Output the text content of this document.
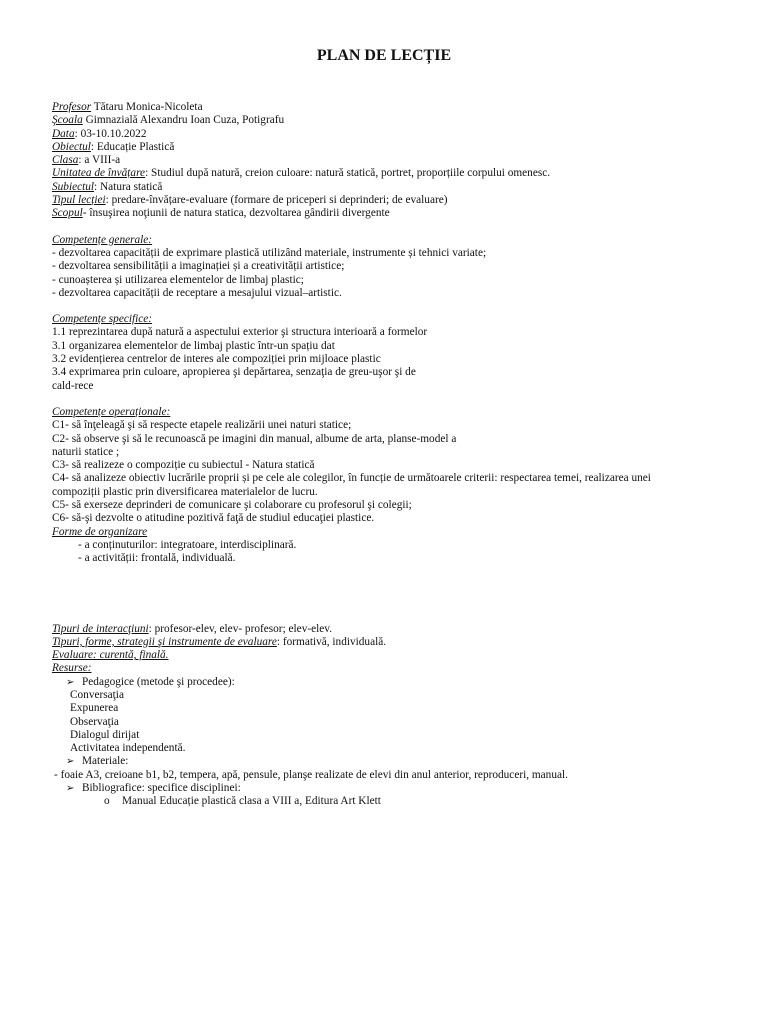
PLAN DE LECȚIE
Profesor Tătaru Monica-Nicoleta
Şcoala Gimnazială Alexandru Ioan Cuza, Potigrafu
Data: 03-10.10.2022
Obiectul: Educație Plastică
Clasa: a VIII-a
Unitatea de învățare: Studiul după natură, creion culoare: natură statică, portret, proporțiile corpului omenesc.
Subiectul: Natura statică
Tipul lecției: predare-învățare-evaluare (formare de priceperi si deprinderi; de evaluare)
Scopul- însuşirea noţiunii de natura statica, dezvoltarea gândirii divergente
Competențe generale:
- dezvoltarea capacității de exprimare plastică utilizând materiale, instrumente și tehnici variate;
- dezvoltarea sensibilității a imaginației și a creativității artistice;
- cunoașterea și utilizarea elementelor de limbaj plastic;
- dezvoltarea capacității de receptare a mesajului vizual–artistic.
Competențe specifice:
1.1 reprezintarea după natură a aspectului exterior şi structura interioară a formelor
3.1 organizarea elementelor de limbaj plastic într-un spațiu dat
3.2 evidențierea centrelor de interes ale compoziției prin mijloace plastic
3.4 exprimarea prin culoare, apropierea şi depărtarea, senzaţia de greu-uşor şi de
cald-rece
Competențe operaționale:
C1- să înţeleagă şi să respecte etapele realizării unei naturi statice;
C2- să observe şi să le recunoască pe imagini din manual, albume de arta, planse-model a
naturii statice ;
C3- să realizeze o compoziție cu subiectul - Natura statică
C4- să analizeze obiectiv lucrările proprii și pe cele ale colegilor, în funcție de următoarele criterii: respectarea temei, realizarea unei
compoziții plastic prin diversificarea materialelor de lucru.
C5- să exerseze deprinderi de comunicare şi colaborare cu profesorul şi colegii;
C6- să-şi dezvolte o atitudine pozitivă faţă de studiul educaţiei plastice.
Forme de organizare
- a conținuturilor: integratoare, interdisciplinară.
- a activității: frontală, individuală.
Tipuri de interacţiuni: profesor-elev, elev- profesor; elev-elev.
Tipuri, forme, strategii şi instrumente de evaluare: formativă, individuală.
Evaluare: curentă, finală.
Resurse:
➢ Pedagogice (metode şi procedee):
Conversaţia
Expunerea
Observaţia
Dialogul dirijat
Activitatea independentă.
➢ Materiale:
- foaie A3, creioane b1, b2, tempera, apă, pensule, planşe realizate de elevi din anul anterior, reproduceri, manual.
➢ Bibliografice: specifice disciplinei:
o Manual Educație plastică clasa a VIII a, Editura Art Klett
